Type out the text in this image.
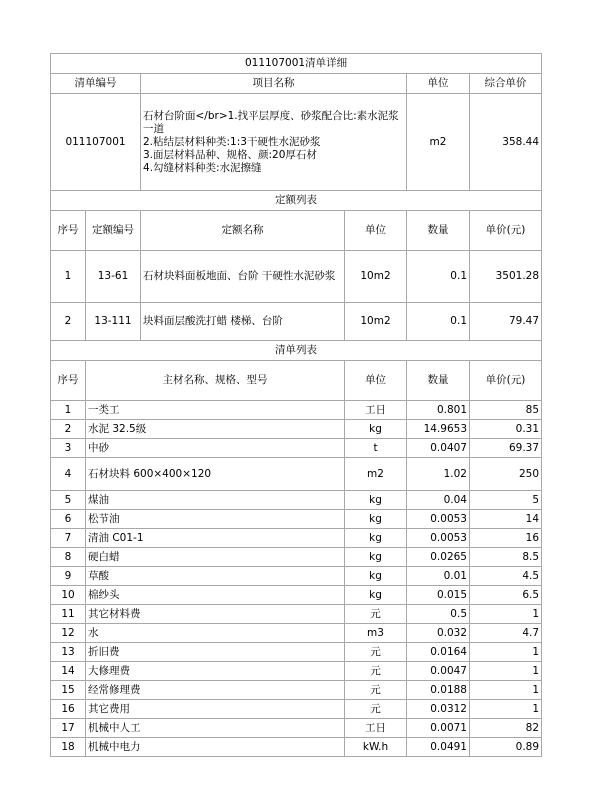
011107001清单详细						
清单编号		项目名称		单位	综合单价	
011107001		石材台阶面</br>1.找平层厚度、砂浆配合比:素水泥浆一道
2.粘结层材料种类:1:3干硬性水泥砂浆
3.面层材料品种、规格、颜:20厚石材
4.勾缝材料种类:水泥擦缝		m2	358.44	
定额列表						
序号	定额编号	定额名称	单位	数量	单价(元)	
1	13-61	石材块料面板地面、台阶 干硬性水泥砂浆	10m2	0.1	3501.28	
2	13-111	块料面层酸洗打蜡 楼梯、台阶	10m2	0.1	79.47	
清单列表						
序号	主材名称、规格、型号		单位	数量	单价(元)	
1	一类工		工日	0.801	85	
2	水泥 32.5级		kg	14.9653	0.31	
3	中砂		t	0.0407	69.37	
4	石材块料 600×400×120		m2	1.02	250	
5	煤油		kg	0.04	5	
6	松节油		kg	0.0053	14	
7	清油 C01-1		kg	0.0053	16	
8	硬白蜡		kg	0.0265	8.5	
9	草酸		kg	0.01	4.5	
10	棉纱头		kg	0.015	6.5	
11	其它材料费		元	0.5	1	
12	水		m3	0.032	4.7	
13	折旧费		元	0.0164	1	
14	大修理费		元	0.0047	1	
15	经常修理费		元	0.0188	1	
16	其它费用		元	0.0312	1	
17	机械中人工		工日	0.0071	82	
18	机械中电力		kW.h	0.0491	0.89	
